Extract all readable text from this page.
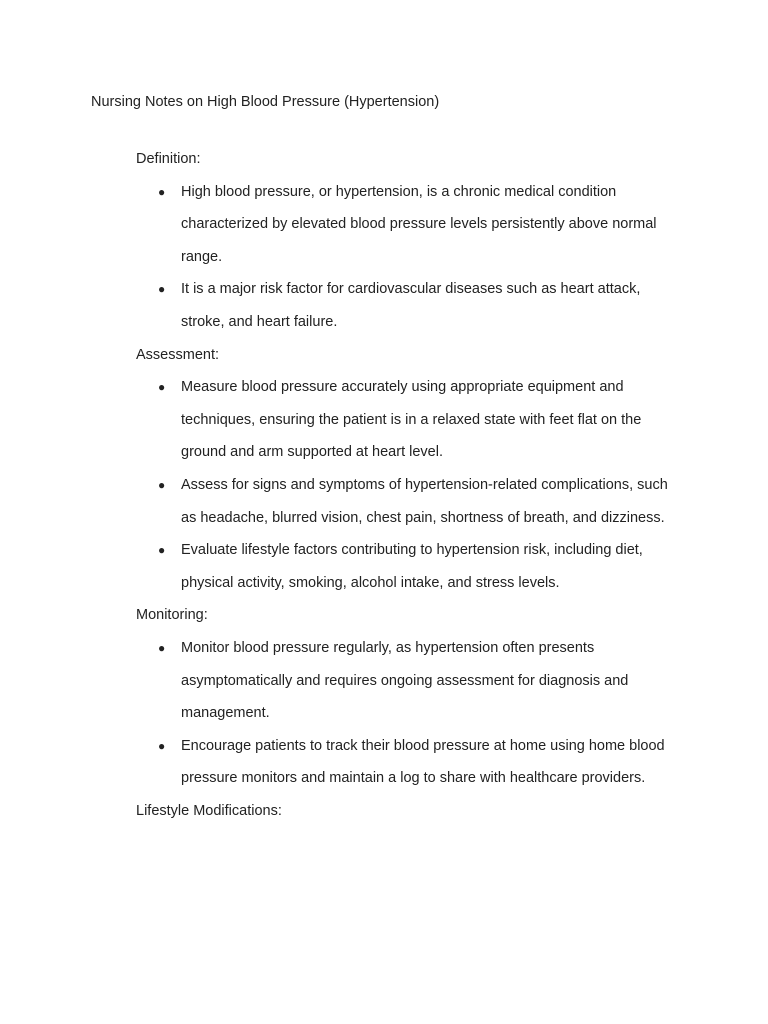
Nursing Notes on High Blood Pressure (Hypertension)
Definition:
● High blood pressure, or hypertension, is a chronic medical condition characterized by elevated blood pressure levels persistently above normal range.
● It is a major risk factor for cardiovascular diseases such as heart attack, stroke, and heart failure.
Assessment:
● Measure blood pressure accurately using appropriate equipment and techniques, ensuring the patient is in a relaxed state with feet flat on the ground and arm supported at heart level.
● Assess for signs and symptoms of hypertension-related complications, such as headache, blurred vision, chest pain, shortness of breath, and dizziness.
● Evaluate lifestyle factors contributing to hypertension risk, including diet, physical activity, smoking, alcohol intake, and stress levels.
Monitoring:
● Monitor blood pressure regularly, as hypertension often presents asymptomatically and requires ongoing assessment for diagnosis and management.
● Encourage patients to track their blood pressure at home using home blood pressure monitors and maintain a log to share with healthcare providers.
Lifestyle Modifications:
